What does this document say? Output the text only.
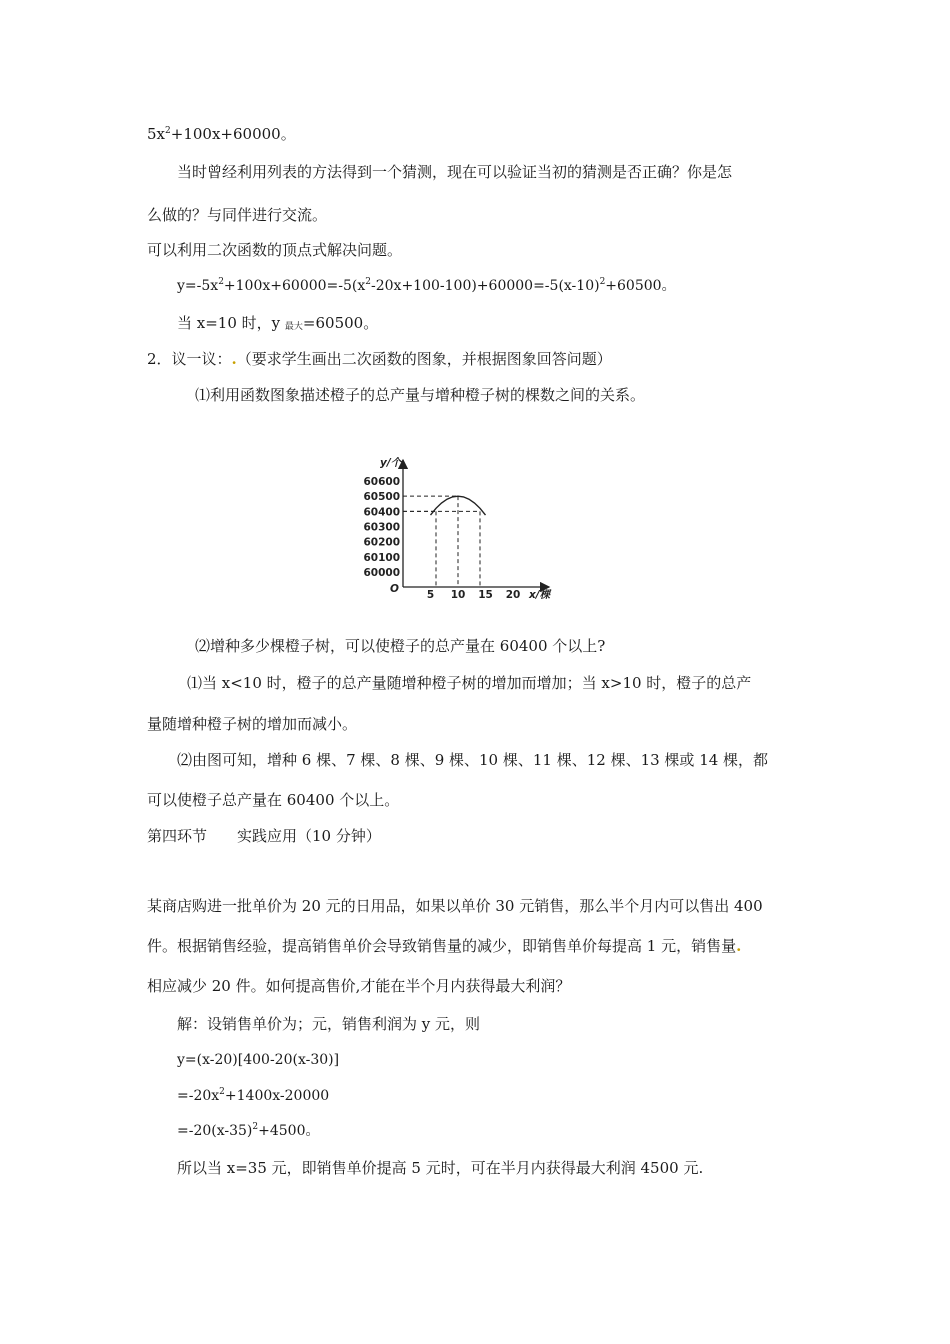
$5x^2+100x+60000$。
当时曾经利用列表的方法得到一个猜测，现在可以验证当初的猜测是否正确？你是怎
么做的？与同伴进行交流。
可以利用二次函数的顶点式解决问题。
$y=-5x^2+100x+60000=-5(x^2-20x+100-100)+60000=-5(x-10)^2+60500$。
当 x=10 时，y $_{最大}$=60500。
2．议一议：.（要求学生画出二次函数的图象，并根据图象回答问题）
⑴利用函数图象描述橙子的总产量与增种橙子树的棵数之间的关系。
60000
60100
60200
60300
60400
60500
60600
5 10 15 20
y/个
x/棵
O
⑵增种多少棵橙子树，可以使橙子的总产量在 60400 个以上?
⑴当 x<10 时，橙子的总产量随增种橙子树的增加而增加；当 x>10 时，橙子的总产
量随增种橙子树的增加而减小。
⑵由图可知，增种 6 棵、7 棵、8 棵、9 棵、10 棵、11 棵、12 棵、13 棵或 14 棵，都
可以使橙子总产量在 60400 个以上。
第四环节　　实践应用（10 分钟）
某商店购进一批单价为 20 元的日用品，如果以单价 30 元销售，那么半个月内可以售出 400
件。根据销售经验，提高销售单价会导致销售量的减少，即销售单价每提高 1 元，销售量.
相应减少 20 件。如何提高售价,才能在半个月内获得最大利润？
解：设销售单价为；元，销售利润为 y 元，则
y=(x-20)[400-20(x-30)]
$=-20x^2+1400x-20000$
$=-20(x-35)^2+4500$。
所以当 x=35 元，即销售单价提高 5 元时，可在半月内获得最大利润 4500 元.
